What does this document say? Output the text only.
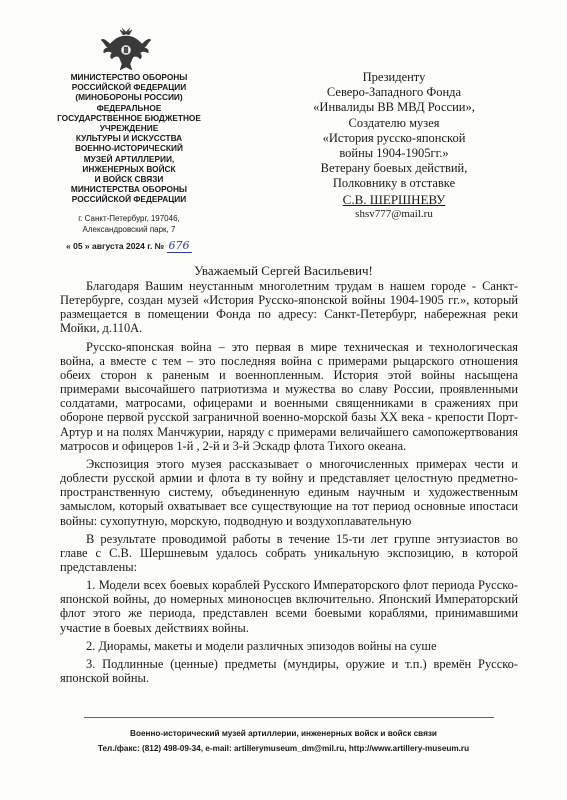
МИНИСТЕРСТВО ОБОРОНЫ
РОССИЙСКОЙ ФЕДЕРАЦИИ
(МИНОБОРОНЫ РОССИИ)
ФЕДЕРАЛЬНОЕ
ГОСУДАРСТВЕННОЕ БЮДЖЕТНОЕ
УЧРЕЖДЕНИЕ
КУЛЬТУРЫ И ИСКУССТВА
ВОЕННО-ИСТОРИЧЕСКИЙ
МУЗЕЙ АРТИЛЛЕРИИ,
ИНЖЕНЕРНЫХ ВОЙСК
И ВОЙСК СВЯЗИ
МИНИСТЕРСТВА ОБОРОНЫ
РОССИЙСКОЙ ФЕДЕРАЦИИ
г. Санкт-Петербург, 197046,
Александровский парк, 7
« 05 » августа 2024 г. № 676
Президенту
Северо-Западного Фонда
«Инвалиды ВВ МВД России»,
Создателю музея
«История русско-японской
войны 1904-1905гг.»
Ветерану боевых действий,
Полковнику в отставке
С.В. ШЕРШНЕВУ
shsv777@mail.ru
Уважаемый Сергей Васильевич!

Благодаря Вашим неустанным многолетним трудам в нашем городе - Санкт-Петербурге, создан музей «История Русско-японской войны 1904-1905 гг.», который размещается в помещении Фонда по адресу: Санкт-Петербург, набережная реки Мойки, д.110А.

Русско-японская война – это первая в мире техническая и технологическая война, а вместе с тем – это последняя война с примерами рыцарского отношения обеих сторон к раненым и военнопленным. История этой войны насыщена примерами высочайшего патриотизма и мужества во славу России, проявленными солдатами, матросами, офицерами и военными священниками в сражениях при обороне первой русской заграничной военно-морской базы XX века - крепости Порт-Артур и на полях Манчжурии, наряду с примерами величайшего самопожертвования матросов и офицеров 1-й , 2-й и 3-й Эскадр флота Тихого океана.

Экспозиция этого музея рассказывает о многочисленных примерах чести и доблести русской армии и флота в ту войну и представляет целостную предметно-пространственную систему, объединенную единым научным и художественным замыслом, который охватывает все существующие на тот период основные ипостаси войны: сухопутную, морскую, подводную и воздухоплавательную

В результате проводимой работы в течение 15-ти лет группе энтузиастов во главе с С.В. Шершневым удалось собрать уникальную экспозицию, в которой представлены:

1. Модели всех боевых кораблей Русского Императорского флот периода Русско-японской войны, до номерных миноносцев включительно. Японский Императорский флот этого же периода, представлен всеми боевыми кораблями, принимавшими участие в боевых действиях войны.

2. Диорамы, макеты и модели различных эпизодов войны на суше

3. Подлинные (ценные) предметы (мундиры, оружие и т.п.) времён Русско-японской войны.

Военно-исторический музей артиллерии, инженерных войск и войск связи
Тел./факс: (812) 498-09-34, e-mail: artillerymuseum_dm@mil.ru, http://www.artillery-museum.ru
